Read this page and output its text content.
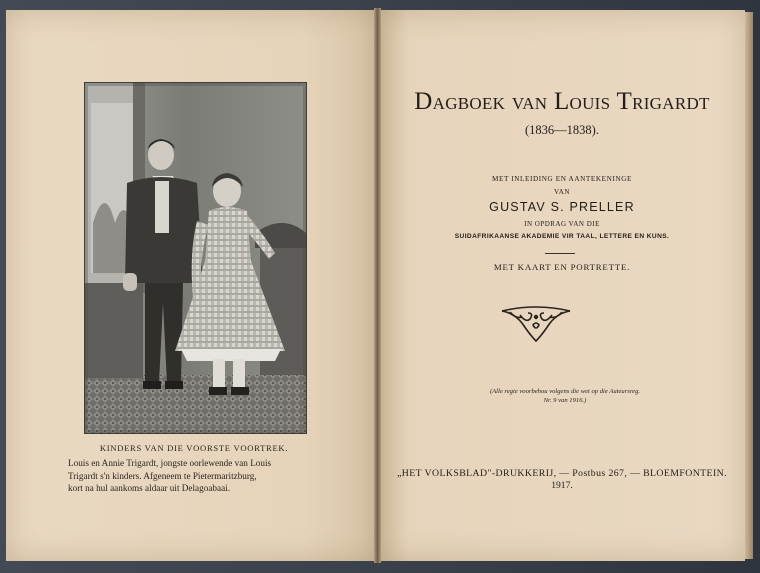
KINDERS VAN DIE VOORSTE VOORTREK.
Louis en Annie Trigardt, jongste oorlewende van Louis
Trigardt s'n kinders. Afgeneem te Pietermaritzburg,
kort na hul aankoms aldaar uit Delagoabaai.
DAGBOEK VAN LOUIS TRIGARDT
(1836—1838).
MET INLEIDING EN AANTEKENINGE
VAN
GUSTAV S. PRELLER
IN OPDRAG VAN DIE
SUIDAFRIKAANSE AKADEMIE VIR TAAL, LETTERE EN KUNS.
MET KAART EN PORTRETTE.
(Alle regte voorbehou volgens die wet op die Auteursreg.
Nr. 9 van 1916.)
„HET VOLKSBLAD"-DRUKKERIJ, — Postbus 267, — BLOEMFONTEIN.
1917.
